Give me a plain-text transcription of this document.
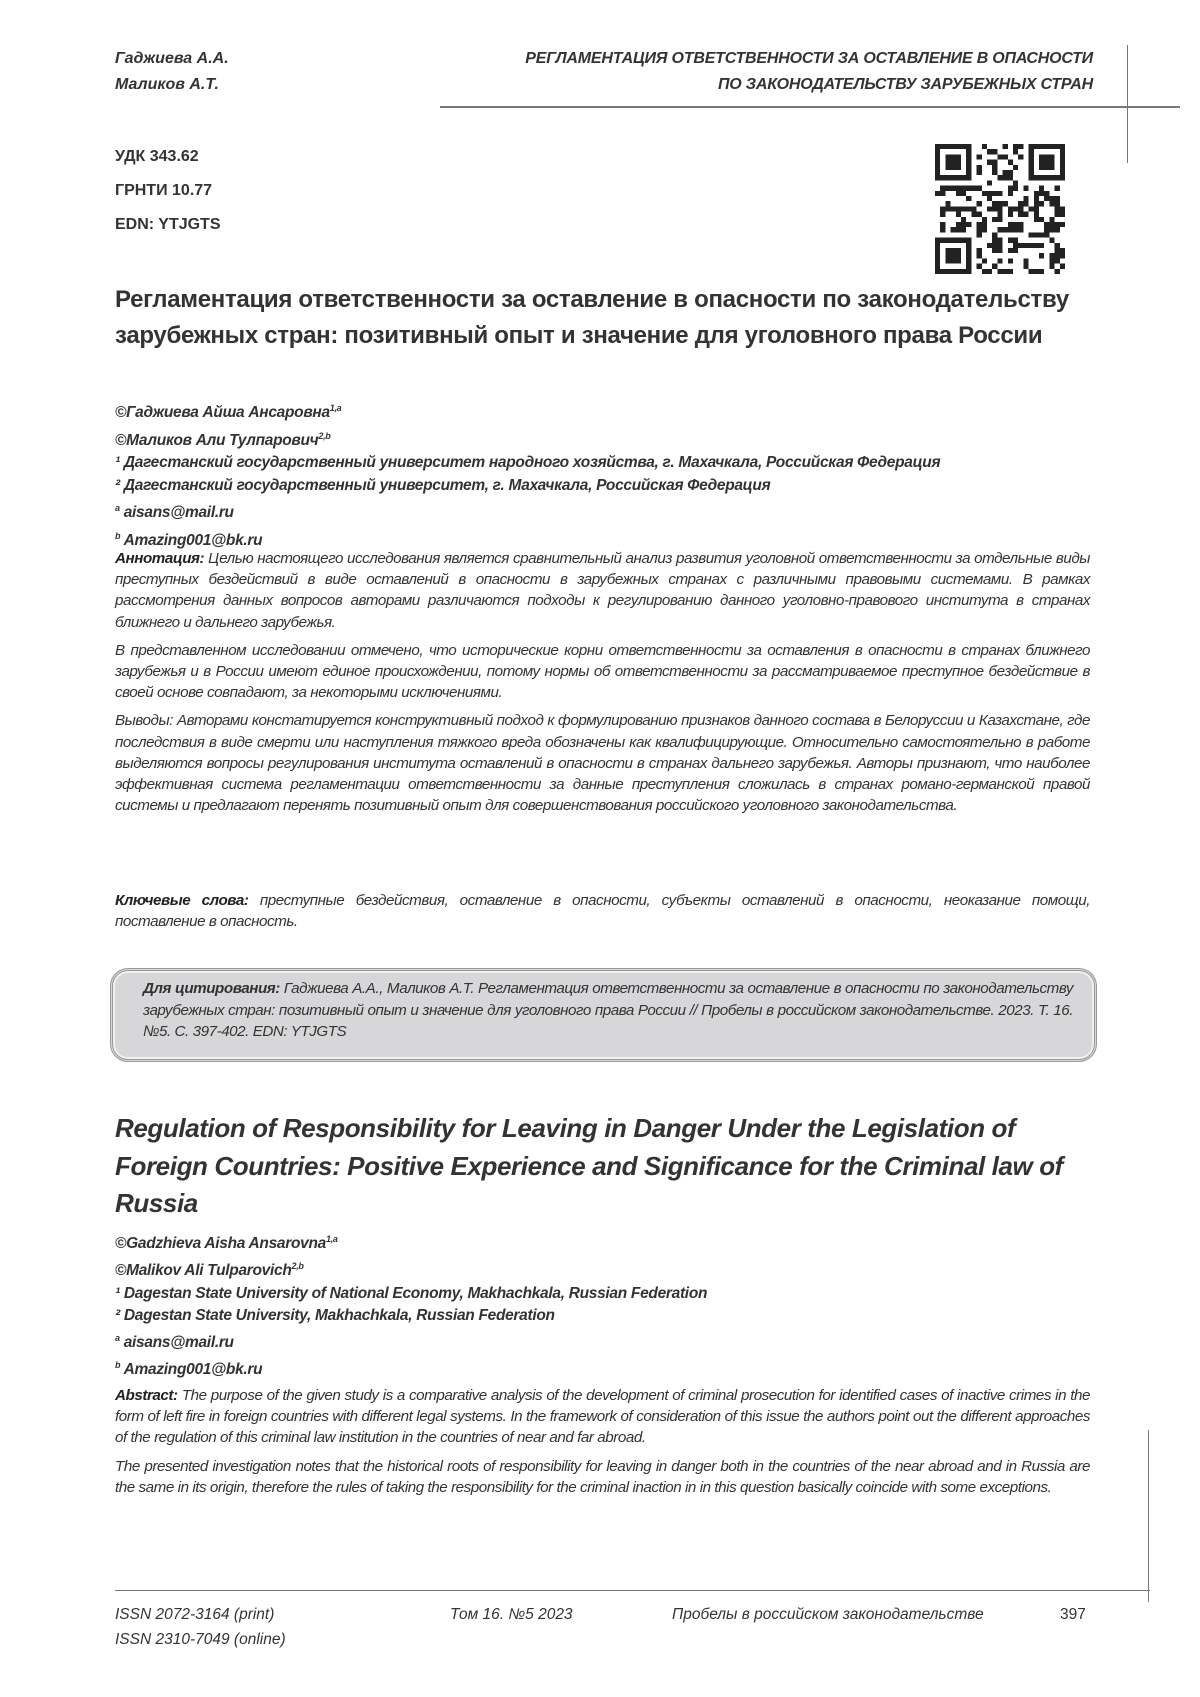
Гаджиева А.А.
Маликов А.Т.
РЕГЛАМЕНТАЦИЯ ОТВЕТСТВЕННОСТИ ЗА ОСТАВЛЕНИЕ В ОПАСНОСТИ
ПО ЗАКОНОДАТЕЛЬСТВУ ЗАРУБЕЖНЫХ СТРАН
УДК 343.62
ГРНТИ 10.77
EDN: YTJGTS
Регламентация ответственности за оставление в опасности по законодательству зарубежных стран: позитивный опыт и значение для уголовного права России
©Гаджиева Айша Ансаровна1,a
©Маликов Али Тулпарович2,b
¹ Дагестанский государственный университет народного хозяйства, г. Махачкала, Российская Федерация
² Дагестанский государственный университет, г. Махачкала, Российская Федерация
a aisans@mail.ru
b Amazing001@bk.ru

Аннотация: Целью настоящего исследования является сравнительный анализ развития уголовной ответственности за отдельные виды преступных бездействий в виде оставлений в опасности в зарубежных странах с различными правовыми системами. В рамках рассмотрения данных вопросов авторами различаются подходы к регулированию данного уголовно-правового института в странах ближнего и дальнего зарубежья.

В представленном исследовании отмечено, что исторические корни ответственности за оставления в опасности в странах ближнего зарубежья и в России имеют единое происхождении, потому нормы об ответственности за рассматриваемое преступное бездействие в своей основе совпадают, за некоторыми исключениями.

Выводы: Авторами констатируется конструктивный подход к формулированию признаков данного состава в Белоруссии и Казахстане, где последствия в виде смерти или наступления тяжкого вреда обозначены как квалифицирующие. Относительно самостоятельно в работе выделяются вопросы регулирования института оставлений в опасности в странах дальнего зарубежья. Авторы признают, что наиболее эффективная система регламентации ответственности за данные преступления сложилась в странах романо-германской правой системы и предлагают перенять позитивный опыт для совершенствования российского уголовного законодательства.

Ключевые слова: преступные бездействия, оставление в опасности, субъекты оставлений в опасности, неоказание помощи, поставление в опасность.

Для цитирования: Гаджиева А.А., Маликов А.Т. Регламентация ответственности за оставление в опасности по законодательству зарубежных стран: позитивный опыт и значение для уголовного права России // Пробелы в российском законодательстве. 2023. Т. 16. №5. С. 397-402. EDN: YTJGTS
Regulation of Responsibility for Leaving in Danger Under the Legislation of Foreign Countries: Positive Experience and Significance for the Criminal law of Russia
©Gadzhieva Aisha Ansarovna1,a
©Malikov Ali Tulparovich2,b
¹ Dagestan State University of National Economy, Makhachkala, Russian Federation
² Dagestan State University, Makhachkala, Russian Federation
a aisans@mail.ru
b Amazing001@bk.ru

Abstract: The purpose of the given study is a comparative analysis of the development of criminal prosecution for identified cases of inactive crimes in the form of left fire in foreign countries with different legal systems. In the framework of consideration of this issue the authors point out the different approaches of the regulation of this criminal law institution in the countries of near and far abroad.

The presented investigation notes that the historical roots of responsibility for leaving in danger both in the countries of the near abroad and in Russia are the same in its origin, therefore the rules of taking the responsibility for the criminal inaction in in this question basically coincide with some exceptions.

ISSN 2072-3164 (print)
ISSN 2310-7049 (online)
Том 16. №5 2023	Пробелы в российском законодательстве	397
